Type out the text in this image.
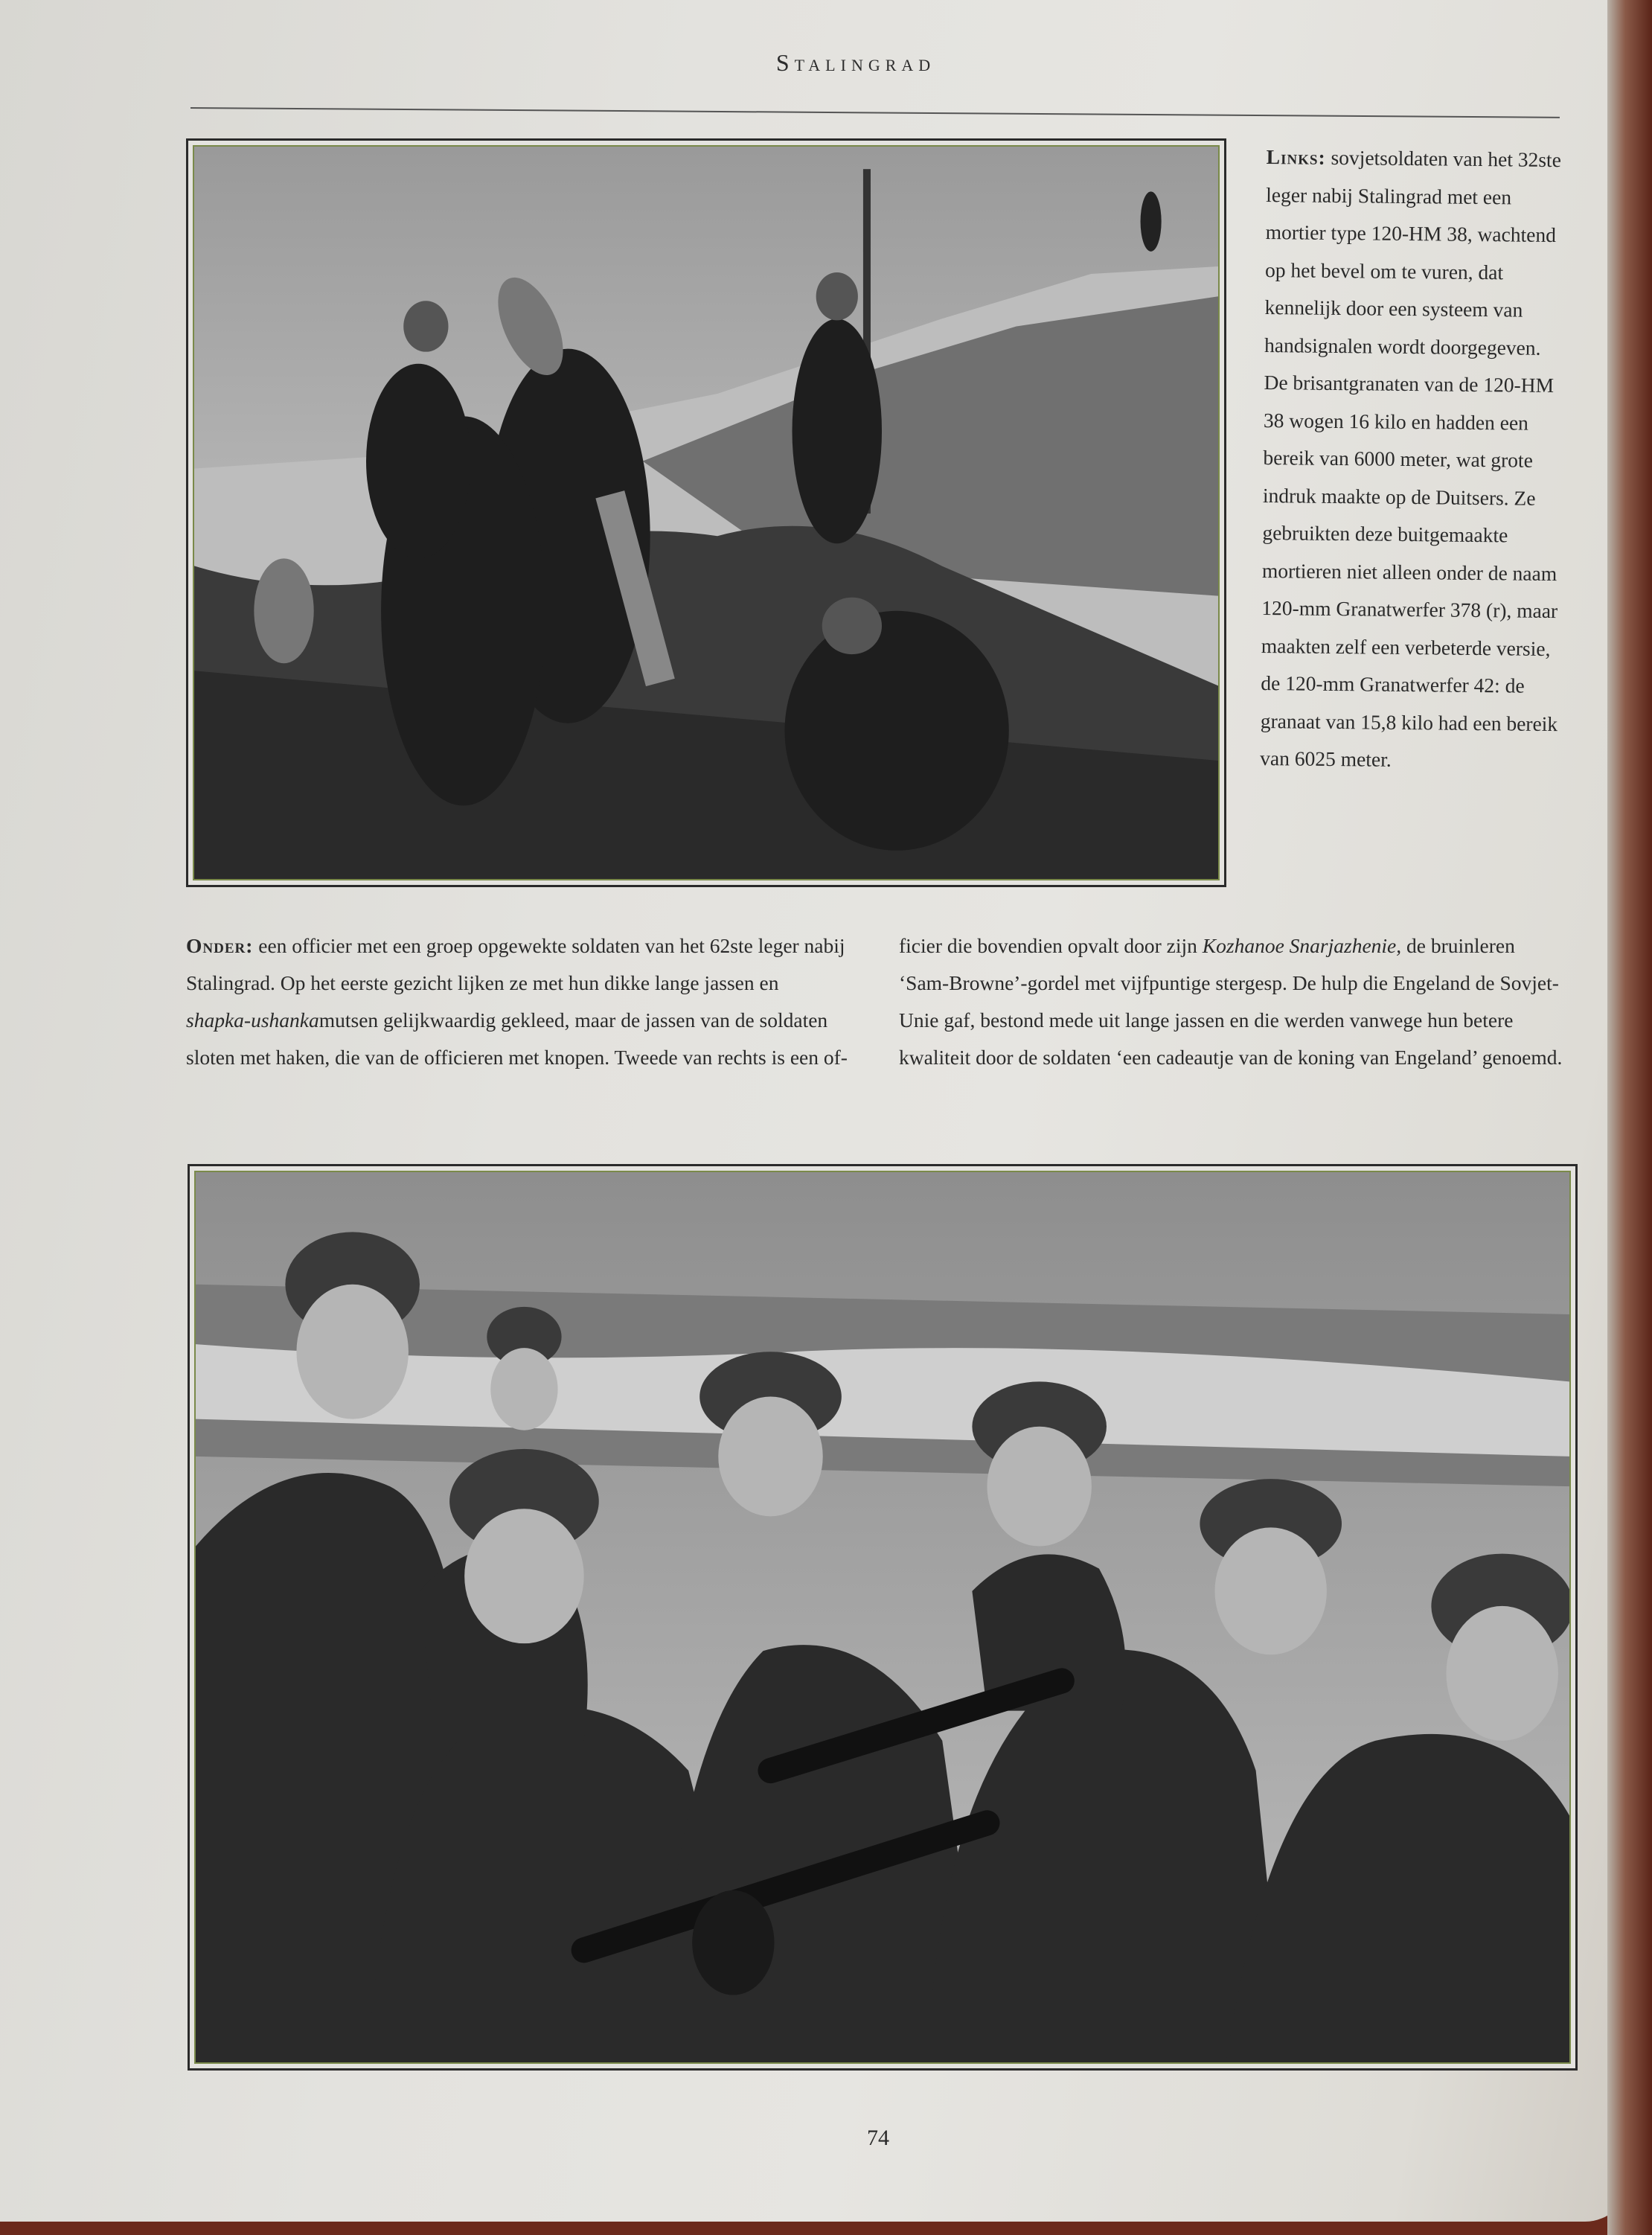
Stalingrad
Links: sovjetsoldaten van het 32ste leger nabij Stalingrad met een mortier type 120-HM 38, wachtend op het bevel om te vuren, dat kennelijk door een systeem van handsignalen wordt doorgegeven. De brisantgranaten van de 120-HM 38 wogen 16 kilo en hadden een bereik van 6000 meter, wat grote indruk maakte op de Duitsers. Ze gebruikten deze buitgemaakte mortieren niet alleen onder de naam 120-mm Granatwerfer 378 (r), maar maakten zelf een verbeterde versie, de 120-mm Granatwerfer 42: de granaat van 15,8 kilo had een bereik van 6025 meter.
Onder: een officier met een groep opgewekte soldaten van het 62ste leger nabij Stalingrad. Op het eerste gezicht lijken ze met hun dikke lange jassen en shapka-ushankamutsen gelijkwaardig gekleed, maar de jassen van de soldaten sloten met haken, die van de officieren met knopen. Tweede van rechts is een of-
ficier die bovendien opvalt door zijn Kozhanoe Snarjazhenie, de bruinleren ‘Sam-Browne’-gordel met vijfpuntige stergesp. De hulp die Engeland de Sovjet-Unie gaf, bestond mede uit lange jassen en die werden vanwege hun betere kwaliteit door de soldaten ‘een cadeautje van de koning van Engeland’ genoemd.
74
